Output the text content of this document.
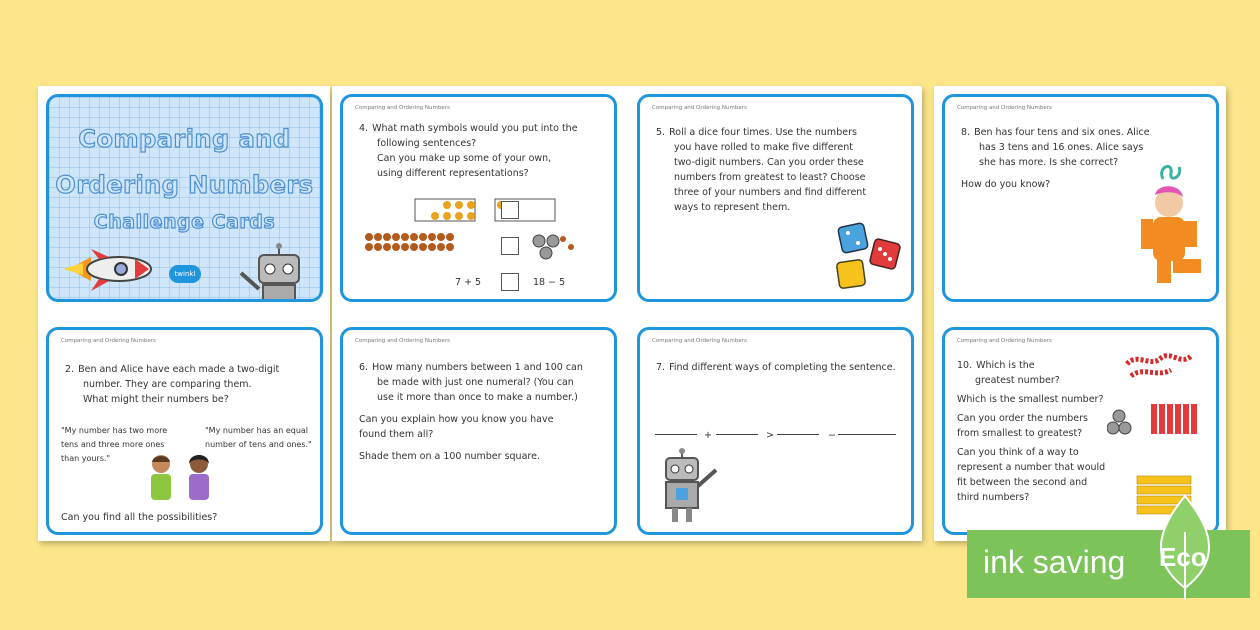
Comparing and
Ordering Numbers
Challenge Cards
twinkl
Comparing and Ordering Numbers
4. What math symbols would you put into the
following sentences?
Can you make up some of your own,
using different representations?
7 + 5	18 − 5
Comparing and Ordering Numbers
5. Roll a dice four times. Use the numbers
you have rolled to make five different
two-digit numbers. Can you order these
numbers from greatest to least? Choose
three of your numbers and find different
ways to represent them.
Comparing and Ordering Numbers
8. Ben has four tens and six ones. Alice
has 3 tens and 16 ones. Alice says
she has more. Is she correct?
How do you know?
Comparing and Ordering Numbers
2. Ben and Alice have each made a two-digit
number. They are comparing them.
What might their numbers be?
"My number has two more
tens and three more ones
than yours."
"My number has an equal
number of tens and ones."
Can you find all the possibilities?
Comparing and Ordering Numbers
6. How many numbers between 1 and 100 can
be made with just one numeral? (You can
use it more than once to make a number.)
Can you explain how you know you have
found them all?
Shade them on a 100 number square.
Comparing and Ordering Numbers
7. Find different ways of completing the sentence.
+	>	−
Comparing and Ordering Numbers
10. Which is the
greatest number?
Which is the smallest number?
Can you order the numbers
from smallest to greatest?
Can you think of a way to
represent a number that would
fit between the second and
third numbers?
ink saving Eco
